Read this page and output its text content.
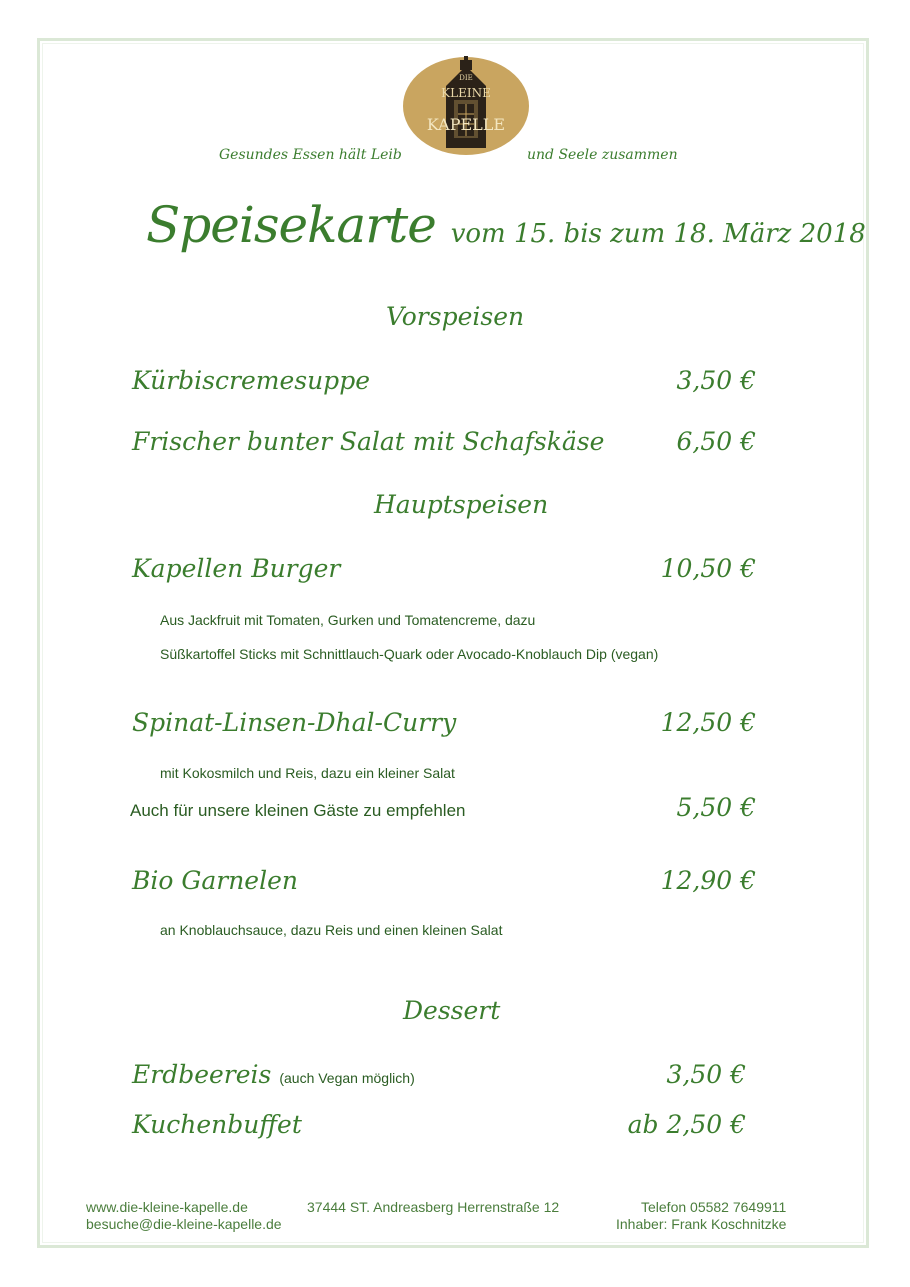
DIE
KLEINE
KAPELLE
Gesundes Essen hält Leib	und Seele zusammen
Speisekarte vom 15. bis zum 18. März 2018
Vorspeisen
Kürbiscremesuppe	3,50 €
Frischer bunter Salat mit Schafskäse	6,50 €
Hauptspeisen
Kapellen Burger	10,50 €
Aus Jackfruit mit Tomaten, Gurken und Tomatencreme, dazu
Süßkartoffel Sticks mit Schnittlauch-Quark oder Avocado-Knoblauch Dip (vegan)
Spinat-Linsen-Dhal-Curry	12,50 €
mit Kokosmilch und Reis, dazu ein kleiner Salat
Auch für unsere kleinen Gäste zu empfehlen	5,50 €
Bio Garnelen	12,90 €
an Knoblauchsauce, dazu Reis und einen kleinen Salat
Dessert
Erdbeereis (auch Vegan möglich)	3,50 €
Kuchenbuffet	ab 2,50 €
www.die-kleine-kapelle.de
besuche@die-kleine-kapelle.de
37444 ST. Andreasberg Herrenstraße 12	Telefon 05582 7649911
Inhaber: Frank Koschnitzke
